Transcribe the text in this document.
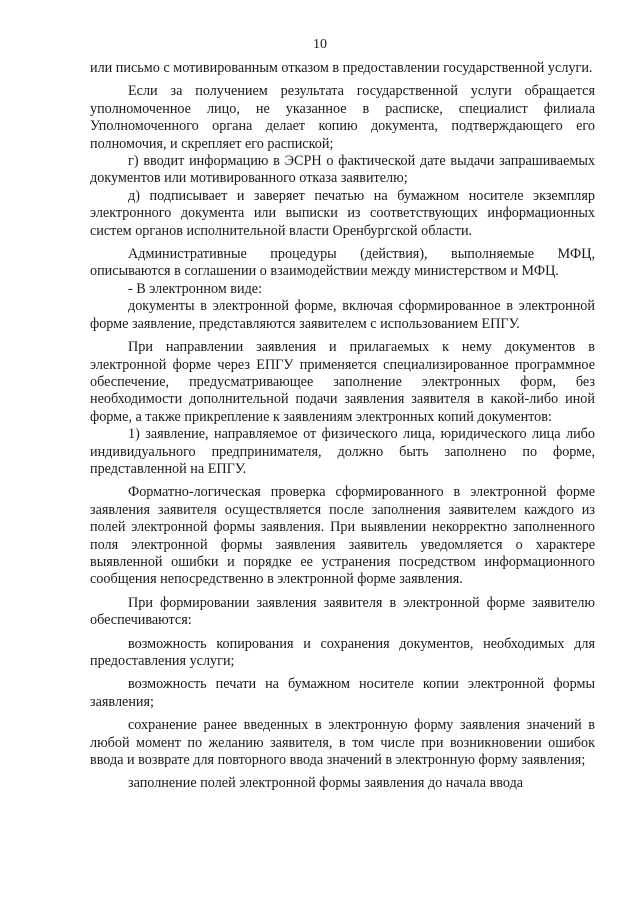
10

или письмо с мотивированным отказом в предоставлении государственной услуги.

Если за получением результата государственной услуги обращается уполномоченное лицо, не указанное в расписке, специалист филиала Уполномоченного органа делает копию документа, подтверждающего его полномочия, и скрепляет его распиской;

г) вводит информацию в ЭСРН о фактической дате выдачи запрашиваемых документов или мотивированного отказа заявителю;

д) подписывает и заверяет печатью на бумажном носителе экземпляр электронного документа или выписки из соответствующих информационных систем органов исполнительной власти Оренбургской области.

Административные процедуры (действия), выполняемые МФЦ, описываются в соглашении о взаимодействии между министерством и МФЦ.

- В электронном виде:

документы в электронной форме, включая сформированное в электронной форме заявление, представляются заявителем с использованием ЕПГУ.

При направлении заявления и прилагаемых к нему документов в электронной форме через ЕПГУ применяется специализированное программное обеспечение, предусматривающее заполнение электронных форм, без необходимости дополнительной подачи заявления заявителя в какой-либо иной форме, а также прикрепление к заявлениям электронных копий документов:

1) заявление, направляемое от физического лица, юридического лица либо индивидуального предпринимателя, должно быть заполнено по форме, представленной на ЕПГУ.

Форматно-логическая проверка сформированного в электронной форме заявления заявителя осуществляется после заполнения заявителем каждого из полей электронной формы заявления. При выявлении некорректно заполненного поля электронной формы заявления заявитель уведомляется о характере выявленной ошибки и порядке ее устранения посредством информационного сообщения непосредственно в электронной форме заявления.

При формировании заявления заявителя в электронной форме заявителю обеспечиваются:

возможность копирования и сохранения документов, необходимых для предоставления услуги;

возможность печати на бумажном носителе копии электронной формы заявления;

сохранение ранее введенных в электронную форму заявления значений в любой момент по желанию заявителя, в том числе при возникновении ошибок ввода и возврате для повторного ввода значений в электронную форму заявления;

заполнение полей электронной формы заявления до начала ввода
